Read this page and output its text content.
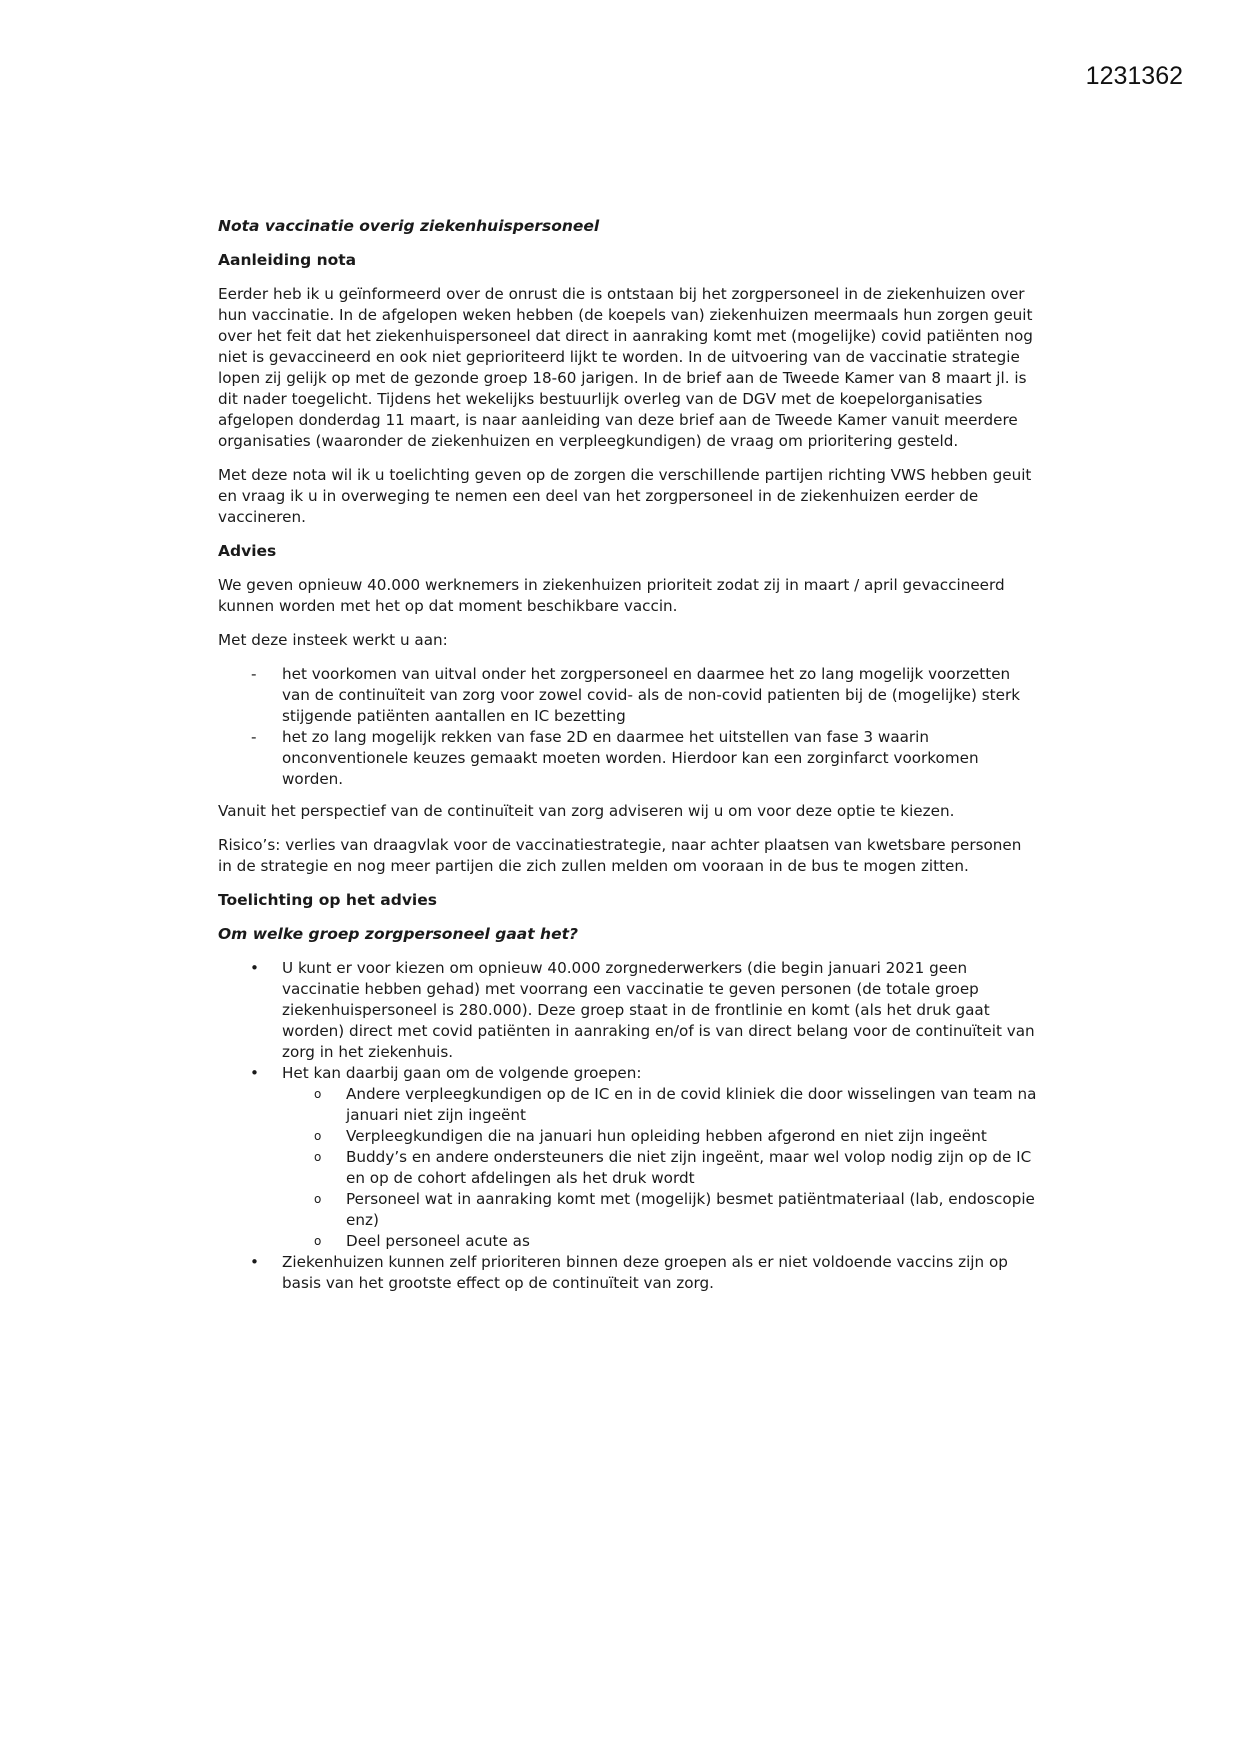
1231362

Nota vaccinatie overig ziekenhuispersoneel

Aanleiding nota

Eerder heb ik u geïnformeerd over de onrust die is ontstaan bij het zorgpersoneel in de ziekenhuizen over hun vaccinatie. In de afgelopen weken hebben (de koepels van) ziekenhuizen meermaals hun zorgen geuit over het feit dat het ziekenhuispersoneel dat direct in aanraking komt met (mogelijke) covid patiënten nog niet is gevaccineerd en ook niet geprioriteerd lijkt te worden. In de uitvoering van de vaccinatie strategie lopen zij gelijk op met de gezonde groep 18-60 jarigen. In de brief aan de Tweede Kamer van 8 maart jl. is dit nader toegelicht. Tijdens het wekelijks bestuurlijk overleg van de DGV met de koepelorganisaties afgelopen donderdag 11 maart, is naar aanleiding van deze brief aan de Tweede Kamer vanuit meerdere organisaties (waaronder de ziekenhuizen en verpleegkundigen) de vraag om prioritering gesteld.

Met deze nota wil ik u toelichting geven op de zorgen die verschillende partijen richting VWS hebben geuit en vraag ik u in overweging te nemen een deel van het zorgpersoneel in de ziekenhuizen eerder de vaccineren.

Advies

We geven opnieuw 40.000 werknemers in ziekenhuizen prioriteit zodat zij in maart / april gevaccineerd kunnen worden met het op dat moment beschikbare vaccin.

Met deze insteek werkt u aan:

- het voorkomen van uitval onder het zorgpersoneel en daarmee het zo lang mogelijk voorzetten van de continuïteit van zorg voor zowel covid- als de non-covid patienten bij de (mogelijke) sterk stijgende patiënten aantallen en IC bezetting
- het zo lang mogelijk rekken van fase 2D en daarmee het uitstellen van fase 3 waarin onconventionele keuzes gemaakt moeten worden. Hierdoor kan een zorginfarct voorkomen worden.

Vanuit het perspectief van de continuïteit van zorg adviseren wij u om voor deze optie te kiezen.

Risico’s: verlies van draagvlak voor de vaccinatiestrategie, naar achter plaatsen van kwetsbare personen in de strategie en nog meer partijen die zich zullen melden om vooraan in de bus te mogen zitten.

Toelichting op het advies

Om welke groep zorgpersoneel gaat het?

• U kunt er voor kiezen om opnieuw 40.000 zorgnederwerkers (die begin januari 2021 geen vaccinatie hebben gehad) met voorrang een vaccinatie te geven personen (de totale groep ziekenhuispersoneel is 280.000). Deze groep staat in de frontlinie en komt (als het druk gaat worden) direct met covid patiënten in aanraking en/of is van direct belang voor de continuïteit van zorg in het ziekenhuis.
• Het kan daarbij gaan om de volgende groepen:
o Andere verpleegkundigen op de IC en in de covid kliniek die door wisselingen van team na januari niet zijn ingeënt
o Verpleegkundigen die na januari hun opleiding hebben afgerond en niet zijn ingeënt
o Buddy’s en andere ondersteuners die niet zijn ingeënt, maar wel volop nodig zijn op de IC en op de cohort afdelingen als het druk wordt
o Personeel wat in aanraking komt met (mogelijk) besmet patiëntmateriaal (lab, endoscopie enz)
o Deel personeel acute as
• Ziekenhuizen kunnen zelf prioriteren binnen deze groepen als er niet voldoende vaccins zijn op basis van het grootste effect op de continuïteit van zorg.
